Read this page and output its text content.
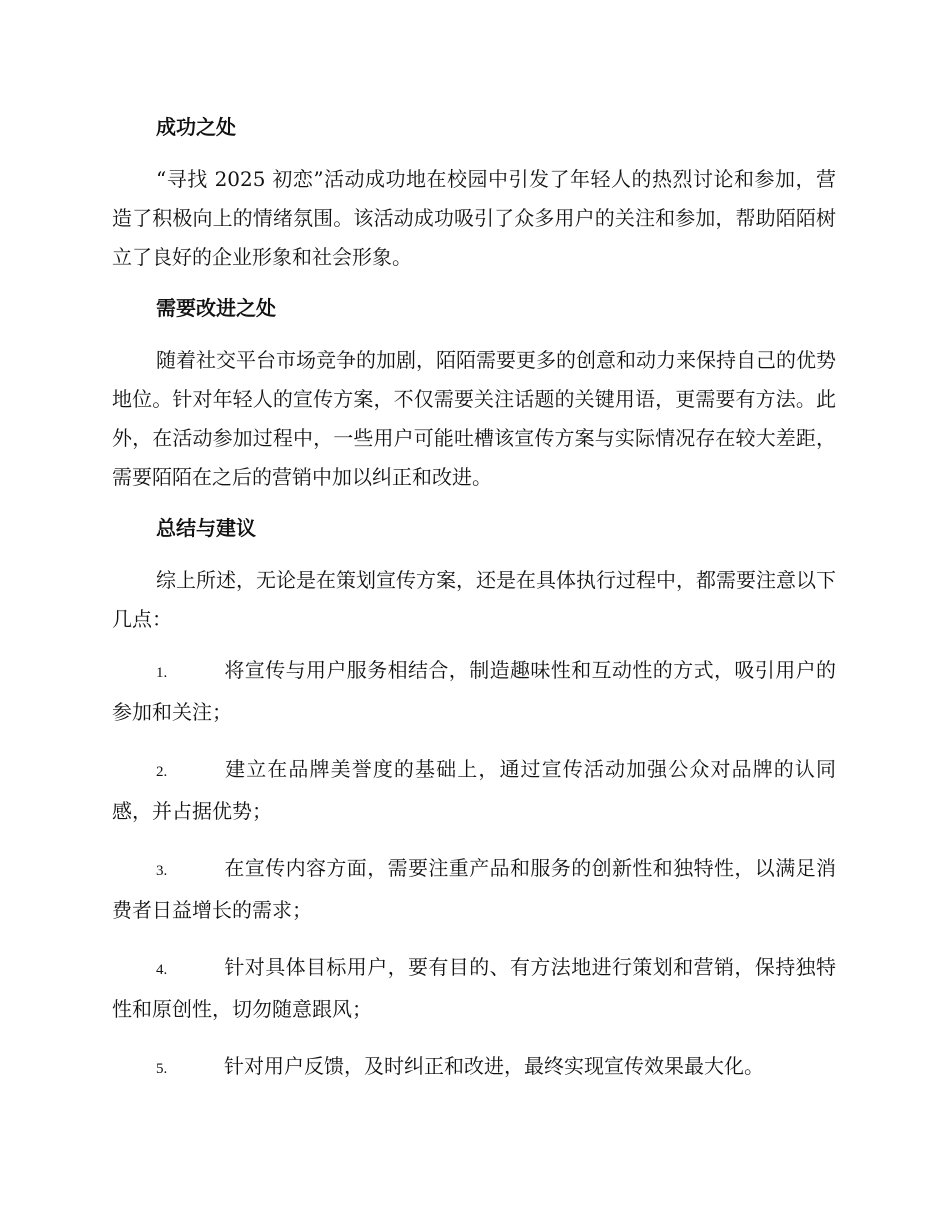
成功之处

“寻找 2025 初恋”活动成功地在校园中引发了年轻人的热烈讨论和参加，营造了积极向上的情绪氛围。该活动成功吸引了众多用户的关注和参加，帮助陌陌树立了良好的企业形象和社会形象。

需要改进之处

随着社交平台市场竞争的加剧，陌陌需要更多的创意和动力来保持自己的优势地位。针对年轻人的宣传方案，不仅需要关注话题的关键用语，更需要有方法。此外，在活动参加过程中，一些用户可能吐槽该宣传方案与实际情况存在较大差距，需要陌陌在之后的营销中加以纠正和改进。

总结与建议

综上所述，无论是在策划宣传方案，还是在具体执行过程中，都需要注意以下几点：

1.	将宣传与用户服务相结合，制造趣味性和互动性的方式，吸引用户的参加和关注；
2.	建立在品牌美誉度的基础上，通过宣传活动加强公众对品牌的认同感，并占据优势；
3.	在宣传内容方面，需要注重产品和服务的创新性和独特性，以满足消费者日益增长的需求；
4.	针对具体目标用户，要有目的、有方法地进行策划和营销，保持独特性和原创性，切勿随意跟风；
5.	针对用户反馈，及时纠正和改进，最终实现宣传效果最大化。
